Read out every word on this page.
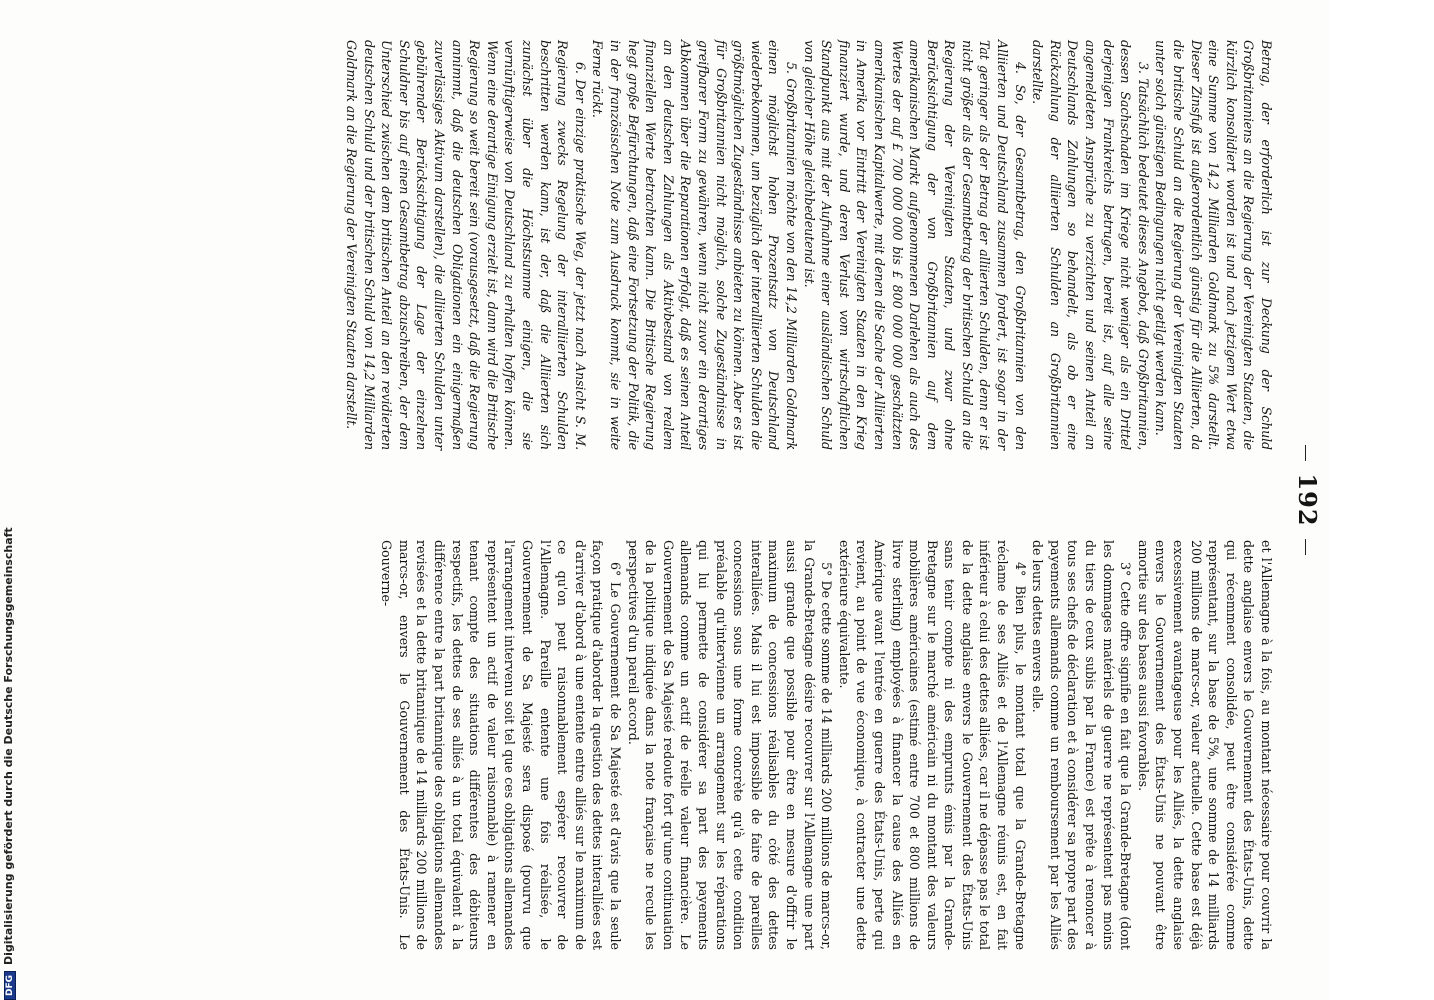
192

Betrag, der erforderlich ist zur Deckung der Schuld Großbritanniens an die Regierung der Vereinigten Staaten, die kürzlich konsolidiert worden ist und nach jetzigem Wert etwa eine Summe von 14,2 Milliarden Goldmark zu 5% darstellt. Dieser Zinsfuß ist außerordentlich günstig für die Alliierten, da die britische Schuld an die Regierung der Vereinigten Staaten unter solch günstigen Bedingungen nicht getilgt werden kann.

3. Tatsächlich bedeutet dieses Angebot, daß Großbritannien, dessen Sachschaden im Kriege nicht weniger als ein Drittel derjenigen Frankreichs betrugen, bereit ist, auf alle seine angemeldeten Ansprüche zu verzichten und seinen Anteil an Deutschlands Zahlungen so behandelt, als ob er eine Rückzahlung der alliierten Schulden an Großbritannien darstellte.

4. So, der Gesamtbetrag, den Großbritannien von den Alliierten und Deutschland zusammen fordert, ist sogar in der Tat geringer als der Betrag der alliierten Schulden, denn er ist nicht größer als der Gesamtbetrag der britischen Schuld an die Regierung der Vereinigten Staaten, und zwar ohne Berücksichtigung der von Großbritannien auf dem amerikanischen Markt aufgenommenen Darlehen als auch des Wertes der auf £ 700 000 000 bis £ 800 000 000 geschätzten amerikanischen Kapitalwerte, mit denen die Sache der Alliierten in Amerika vor Eintritt der Vereinigten Staaten in den Krieg finanziert wurde, und deren Verlust vom wirtschaftlichen Standpunkt aus mit der Aufnahme einer ausländischen Schuld von gleicher Höhe gleichbedeutend ist.

5. Großbritannien möchte von den 14,2 Milliarden Goldmark einen möglichst hohen Prozentsatz von Deutschland wiederbekommen, um bezüglich der interalliierten Schulden die größtmöglichen Zugeständnisse anbieten zu können. Aber es ist für Großbritannien nicht möglich, solche Zugeständnisse in greifbarer Form zu gewähren, wenn nicht zuvor ein derartiges Abkommen über die Reparationen erfolgt, daß es seinen Anteil an den deutschen Zahlungen als Aktivbestand von realem finanziellen Werte betrachten kann. Die Britische Regierung hegt große Befürchtungen, daß eine Fortsetzung der Politik, die in der französischen Note zum Ausdruck kommt, sie in weite Ferne rückt.

6. Der einzige praktische Weg, der jetzt nach Ansicht S. M. Regierung zwecks Regelung der interalliierten Schulden beschritten werden kann, ist der, daß die Alliierten sich zunächst über die Höchstsumme einigen, die sie vernünftigerweise von Deutschland zu erhalten hoffen können. Wenn eine derartige Einigung erzielt ist, dann wird die Britische Regierung so weit bereit sein (vorausgesetzt, daß die Regierung annimmt, daß die deutschen Obligationen ein einigermaßen zuverlässiges Aktivum darstellen), die alliierten Schulden unter gebührender Berücksichtigung der Lage der einzelnen Schuldner bis auf einen Gesamtbetrag abzuschreiben, der dem Unterschied zwischen dem britischen Anteil an den revidierten deutschen Schuld und der britischen Schuld von 14,2 Milliarden Goldmark an die Regierung der Vereinigten Staaten darstellt.

et l'Allemagne à la fois, au montant nécessaire pour couvrir la dette anglaise envers le Gouvernement des États-Unis, dette qui récemment consolidée, peut être considérée comme représentant, sur la base de 5%, une somme de 14 milliards 200 millions de marcs-or, valeur actuelle. Cette base est déjà excessivement avantageuse pour les Alliés, la dette anglaise envers le Gouvernement des États-Unis ne pouvant être amortie sur des bases aussi favorables.

3° Cette offre signifie en fait que la Grande-Bretagne (dont les dommages matériels de guerre ne représentent pas moins du tiers de ceux subis par la France) est prête à renoncer à tous ses chefs de déclaration et à considérer sa propre part des payements allemands comme un remboursement par les Alliés de leurs dettes envers elle.

4° Bien plus, le montant total que la Grande-Bretagne réclame de ses Alliés et de l'Allemagne réunis est, en fait inférieur à celui des dettes alliées, car il ne dépasse pas le total de la dette anglaise envers le Gouvernement des États-Unis sans tenir compte ni des emprunts émis par la Grande-Bretagne sur le marché américain ni du montant des valeurs mobilières américaines (estimé entre 700 et 800 millions de livre sterling) employées à financer la cause des Alliés en Amérique avant l'entrée en guerre des États-Unis, perte qui revient, au point de vue économique, à contracter une dette extérieure équivalente.

5° De cette somme de 14 milliards 200 millions de marcs-or, la Grande-Bretagne désire recouvrer sur l'Allemagne une part aussi grande que possible pour être en mesure d'offrir le maximum de concessions réalisables du côté des dettes interalliées. Mais il lui est impossible de faire de pareilles concessions sous une forme concrète qu'à cette condition préalable qu'intervienne un arrangement sur les réparations qui lui permette de considérer sa part des payements allemands comme un actif de réelle valeur financière. Le Gouvernement de Sa Majesté redoute fort qu'une continuation de la politique indiquée dans la note française ne recule les perspectives d'un pareil accord.

6° Le Gouvernement de Sa Majesté est d'avis que la seule façon pratique d'aborder la question des dettes interalliées est d'arriver d'abord à une entente entre alliés sur le maximum de ce qu'on peut raisonnablement espérer recouvrer de l'Allemagne. Pareille entente une fois réalisée, le Gouvernement de Sa Majesté sera disposé (pourvu que l'arrangement intervenu soit tel que ces obligations allemandes représentent un actif de valeur raisonnable) à ramener en tenant compte des situations différentes des débiteurs respectifs, les dettes de ses alliés à un total équivalent à la différence entre la part britannique des obligations allemandes revisées et la dette britannique de 14 milliards 200 millions de marcs-or, envers le Gouvernement des États-Unis. Le Gouverne-

DFGDigitalisierung gefördert durch die Deutsche Forschungsgemeinschaft
